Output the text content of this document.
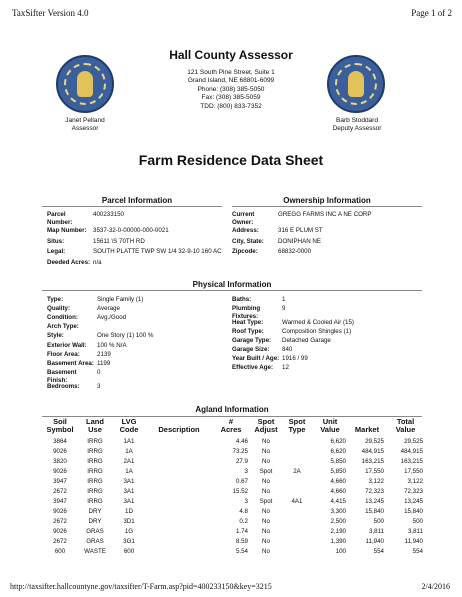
TaxSifter Version 4.0	Page 1 of 2
Janet Pelland
Assessor
Barb Stoddard
Deputy Assessor
Hall County Assessor
121 South Pine Street, Suite 1
Grand Island, NE 68801-6099
Phone: (308) 385-5050
Fax: (308) 385-5059
TDD: (800) 833-7352
Farm Residence Data Sheet
Parcel Information	Ownership Information
Parcel
Number:
400233150
Map Number: 3537-32-0-00000-000-0021
Situs:	15611 \S 70TH RD
Legal:	SOUTH PLATTE TWP SW 1/4 32-9-10 160 AC
Deeded Acres: n/a
Current
Owner:
GREGG FARMS INC A NE CORP
Address:	316 E PLUM ST
City, State: DONIPHAN NE
Zipcode:	68832-0000
Physical Information
Type:	Single Family (1)
Quality:	Average
Condition:	Avg./Good
Arch Type:
Style:	One Story (1) 100 %
Exterior Wall: 100 % N/A
Floor Area:	2139
Basement Area: 1199
Basement
Finish:
0
Bedrooms:	3
Baths:	1
Plumbing
Fixtures:
9
Heat Type:	Warmed & Cooled Air (15)
Roof Type:	Composition Shingles (1)
Garage Type: Detached Garage
Garage Size: 840
Year Built / Age: 1916 / 99
Effective Age: 12
Agland Information
Soil
Symbol	Land
Use	LVG
Code	Description	#
Acres	Spot
Adjust	Spot
Type	Unit
Value	Market	Total
Value
3864	IRRG	1A1		4.46	No		6,620	29,525	29,525
9026	IRRG	1A		73.25	No		6,620	484,915	484,915
3820	IRRG	2A1		27.9	No		5,850	163,215	163,215
9026	IRRG	1A		3	Spot	2A	5,850	17,550	17,550
3947	IRRG	3A1		0.67	No		4,660	3,122	3,122
2672	IRRG	3A1		15.52	No		4,660	72,323	72,323
3947	IRRG	3A1		3	Spot	4A1	4,415	13,245	13,245
9026	DRY	1D		4.8	No		3,300	15,840	15,840
2672	DRY	3D1		0.2	No		2,500	500	500
9026	GRAS	1G		1.74	No		2,190	3,811	3,811
2672	GRAS	3G1		8.59	No		1,390	11,940	11,940
600	WASTE	600		5.54	No		100	554	554
http://taxsifter.hallcountyne.gov/taxsifter/T-Farm.asp?pid=400233150&key=3215	2/4/2016
